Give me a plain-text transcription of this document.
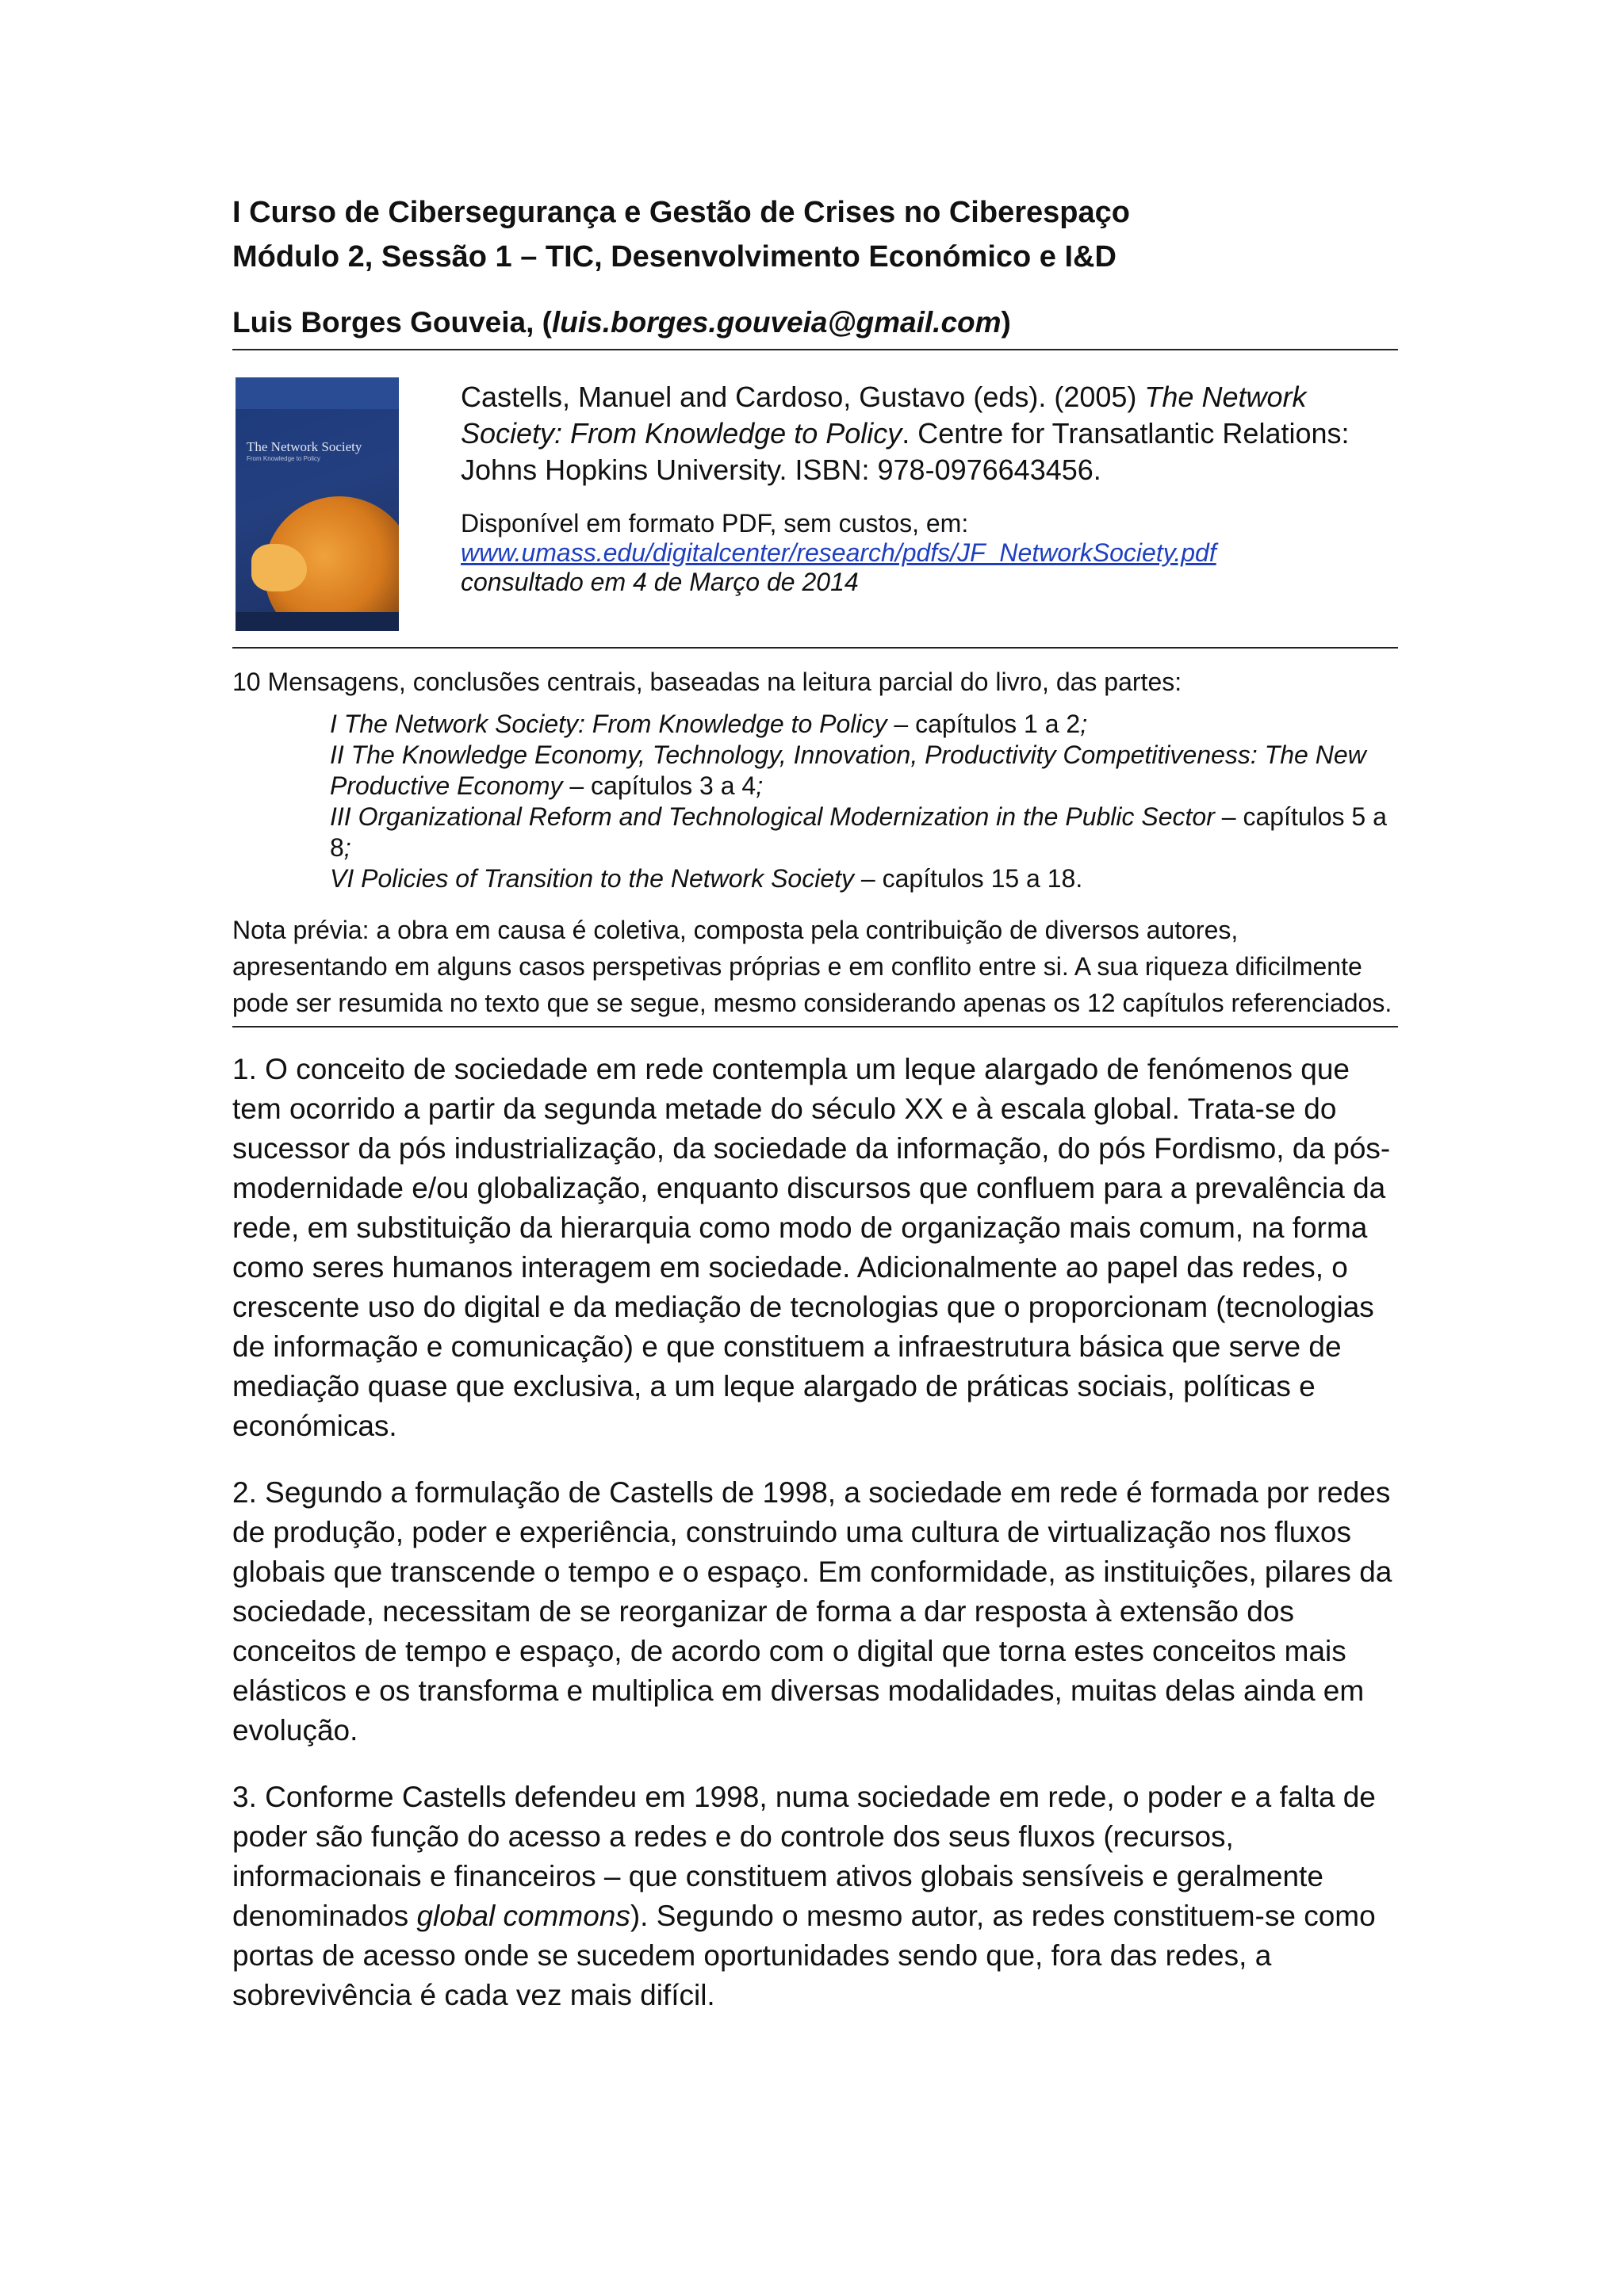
I Curso de Cibersegurança e Gestão de Crises no Ciberespaço
Módulo 2, Sessão 1 – TIC, Desenvolvimento Económico e I&D

Luis Borges Gouveia, (luis.borges.gouveia@gmail.com)

The Network Society
From Knowledge to Policy
Castells, Manuel and Cardoso, Gustavo (eds). (2005) The Network Society: From Knowledge to Policy. Centre for Transatlantic Relations: Johns Hopkins University. ISBN: 978-0976643456.
Disponível em formato PDF, sem custos, em:
www.umass.edu/digitalcenter/research/pdfs/JF_NetworkSociety.pdf
consultado em 4 de Março de 2014

10 Mensagens, conclusões centrais, baseadas na leitura parcial do livro, das partes:

I The Network Society: From Knowledge to Policy – capítulos 1 a 2;
II The Knowledge Economy, Technology, Innovation, Productivity Competitiveness: The New Productive Economy – capítulos 3 a 4;
III Organizational Reform and Technological Modernization in the Public Sector – capítulos 5 a 8;
VI Policies of Transition to the Network Society – capítulos 15 a 18.

Nota prévia: a obra em causa é coletiva, composta pela contribuição de diversos autores, apresentando em alguns casos perspetivas próprias e em conflito entre si. A sua riqueza dificilmente pode ser resumida no texto que se segue, mesmo considerando apenas os 12 capítulos referenciados.

1. O conceito de sociedade em rede contempla um leque alargado de fenómenos que tem ocorrido a partir da segunda metade do século XX e à escala global. Trata-se do sucessor da pós industrialização, da sociedade da informação, do pós Fordismo, da pós-modernidade e/ou globalização, enquanto discursos que confluem para a prevalência da rede, em substituição da hierarquia como modo de organização mais comum, na forma como seres humanos interagem em sociedade. Adicionalmente ao papel das redes, o crescente uso do digital e da mediação de tecnologias que o proporcionam (tecnologias de informação e comunicação) e que constituem a infraestrutura básica que serve de mediação quase que exclusiva, a um leque alargado de práticas sociais, políticas e económicas.

2. Segundo a formulação de Castells de 1998, a sociedade em rede é formada por redes de produção, poder e experiência, construindo uma cultura de virtualização nos fluxos globais que transcende o tempo e o espaço. Em conformidade, as instituições, pilares da sociedade, necessitam de se reorganizar de forma a dar resposta à extensão dos conceitos de tempo e espaço, de acordo com o digital que torna estes conceitos mais elásticos e os transforma e multiplica em diversas modalidades, muitas delas ainda em evolução.

3. Conforme Castells defendeu em 1998, numa sociedade em rede, o poder e a falta de poder são função do acesso a redes e do controle dos seus fluxos (recursos, informacionais e financeiros – que constituem ativos globais sensíveis e geralmente denominados global commons). Segundo o mesmo autor, as redes constituem-se como portas de acesso onde se sucedem oportunidades sendo que, fora das redes, a sobrevivência é cada vez mais difícil.
